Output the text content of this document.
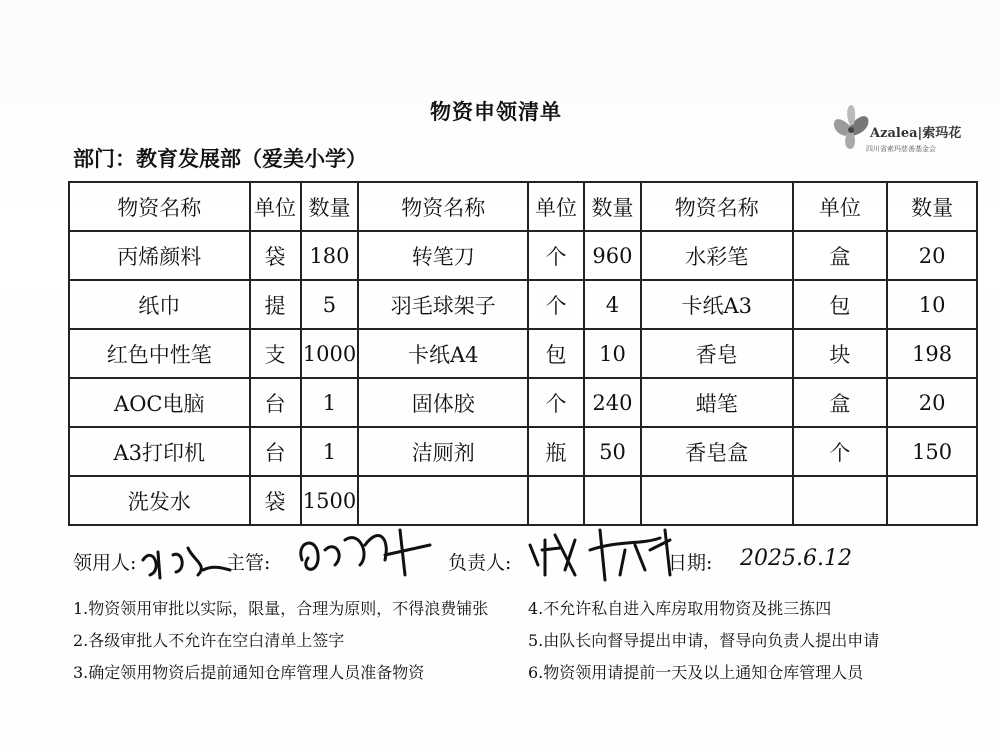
物资申领清单
Azalea|索玛花
四川省索玛慈善基金会
部门：教育发展部（爱美小学）
物资名称	单位	数量	物资名称	单位	数量	物资名称	单位	数量
丙烯颜料	袋	180	转笔刀	个	960	水彩笔	盒	20
纸巾	提	5	羽毛球架子	个	4	卡纸A3	包	10
红色中性笔	支	1000	卡纸A4	包	10	香皂	块	198
AOC电脑	台	1	固体胶	个	240	蜡笔	盒	20
A3打印机	台	1	洁厕剂	瓶	50	香皂盒	个	150
洗发水	袋	1500						
领用人:	主管:	负责人:	日期: 2025.6.12
1.物资领用审批以实际，限量，合理为原则，不得浪费铺张
2.各级审批人不允许在空白清单上签字
3.确定领用物资后提前通知仓库管理人员准备物资
4.不允许私自进入库房取用物资及挑三拣四
5.由队长向督导提出申请，督导向负责人提出申请
6.物资领用请提前一天及以上通知仓库管理人员
